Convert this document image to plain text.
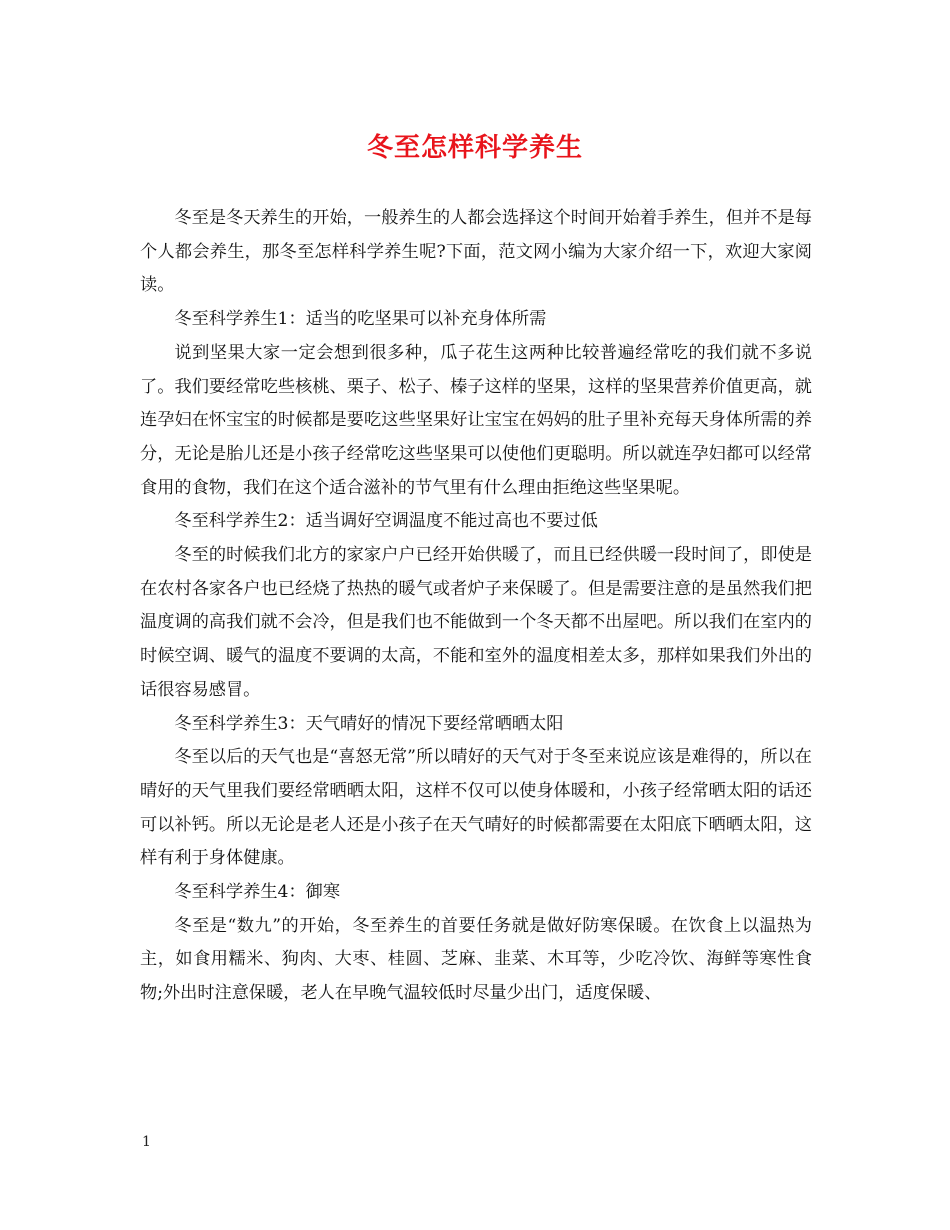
冬至怎样科学养生

冬至是冬天养生的开始，一般养生的人都会选择这个时间开始着手养生，但并不是每个人都会养生，那冬至怎样科学养生呢?下面，范文网小编为大家介绍一下，欢迎大家阅读。

冬至科学养生1：适当的吃坚果可以补充身体所需

说到坚果大家一定会想到很多种，瓜子花生这两种比较普遍经常吃的我们就不多说了。我们要经常吃些核桃、栗子、松子、榛子这样的坚果，这样的坚果营养价值更高，就连孕妇在怀宝宝的时候都是要吃这些坚果好让宝宝在妈妈的肚子里补充每天身体所需的养分，无论是胎儿还是小孩子经常吃这些坚果可以使他们更聪明。所以就连孕妇都可以经常食用的食物，我们在这个适合滋补的节气里有什么理由拒绝这些坚果呢。

冬至科学养生2：适当调好空调温度不能过高也不要过低

冬至的时候我们北方的家家户户已经开始供暖了，而且已经供暖一段时间了，即使是在农村各家各户也已经烧了热热的暖气或者炉子来保暖了。但是需要注意的是虽然我们把温度调的高我们就不会冷，但是我们也不能做到一个冬天都不出屋吧。所以我们在室内的时候空调、暖气的温度不要调的太高，不能和室外的温度相差太多，那样如果我们外出的话很容易感冒。

冬至科学养生3：天气晴好的情况下要经常晒晒太阳

冬至以后的天气也是“喜怒无常”所以晴好的天气对于冬至来说应该是难得的，所以在晴好的天气里我们要经常晒晒太阳，这样不仅可以使身体暖和，小孩子经常晒太阳的话还可以补钙。所以无论是老人还是小孩子在天气晴好的时候都需要在太阳底下晒晒太阳，这样有利于身体健康。

冬至科学养生4：御寒

冬至是“数九”的开始，冬至养生的首要任务就是做好防寒保暖。在饮食上以温热为主，如食用糯米、狗肉、大枣、桂圆、芝麻、韭菜、木耳等，少吃冷饮、海鲜等寒性食物;外出时注意保暖，老人在早晚气温较低时尽量少出门，适度保暖、

1
